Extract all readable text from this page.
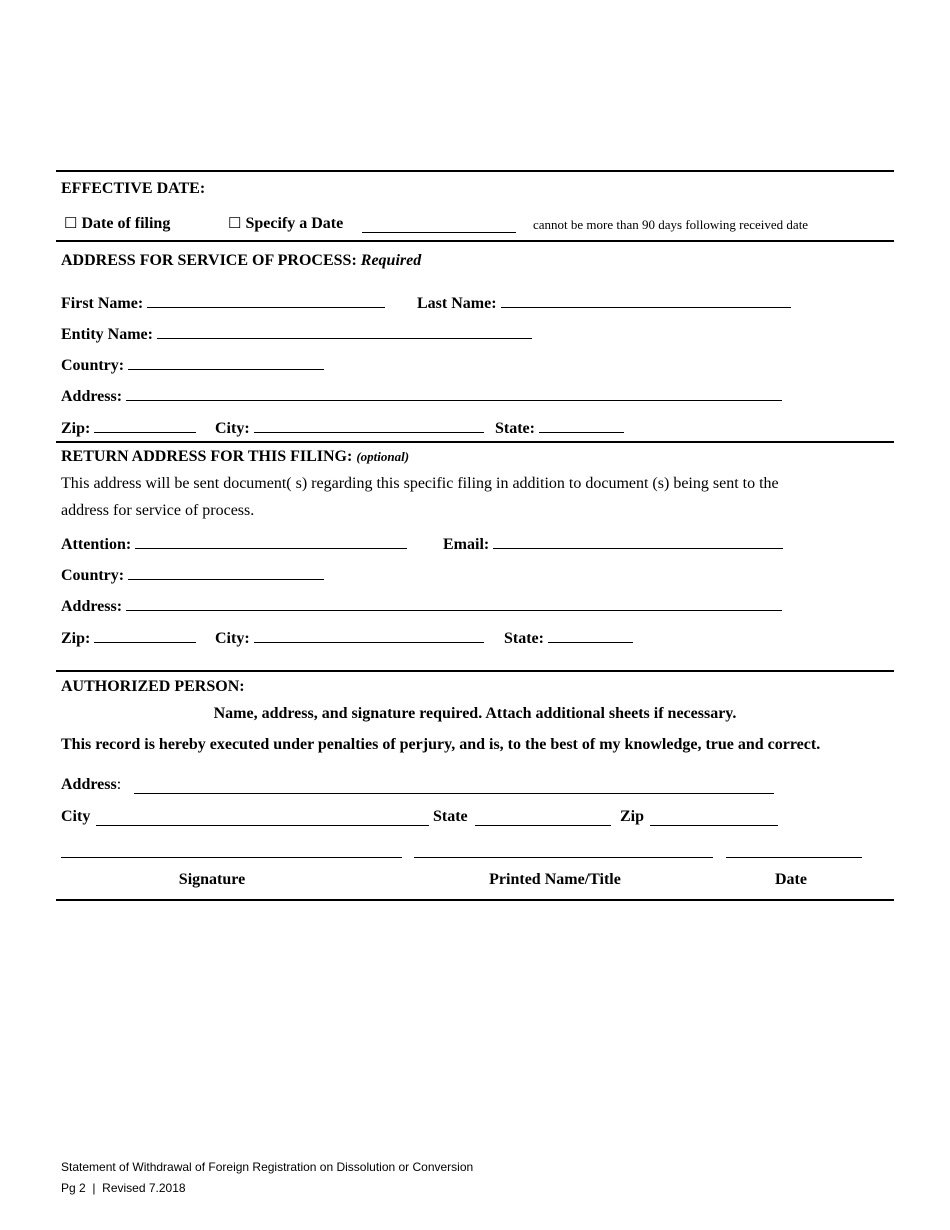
EFFECTIVE DATE:
☐ Date of filing	☐ Specify a Date	cannot be more than 90 days following received date
ADDRESS FOR SERVICE OF PROCESS: Required
First Name:	Last Name:
Entity Name:
Country:
Address:
Zip:	City:	State:
RETURN ADDRESS FOR THIS FILING: (optional)
This address will be sent document( s) regarding this specific filing in addition to document (s) being sent to the
address for service of process.
Attention:	Email:
Country:
Address:
Zip:	City:	State:
AUTHORIZED PERSON:
Name, address, and signature required. Attach additional sheets if necessary.
This record is hereby executed under penalties of perjury, and is, to the best of my knowledge, true and correct.
Address:
City	State	Zip
Signature	Printed Name/Title	Date
Statement of Withdrawal of Foreign Registration on Dissolution or Conversion
Pg 2 | Revised 7.2018
